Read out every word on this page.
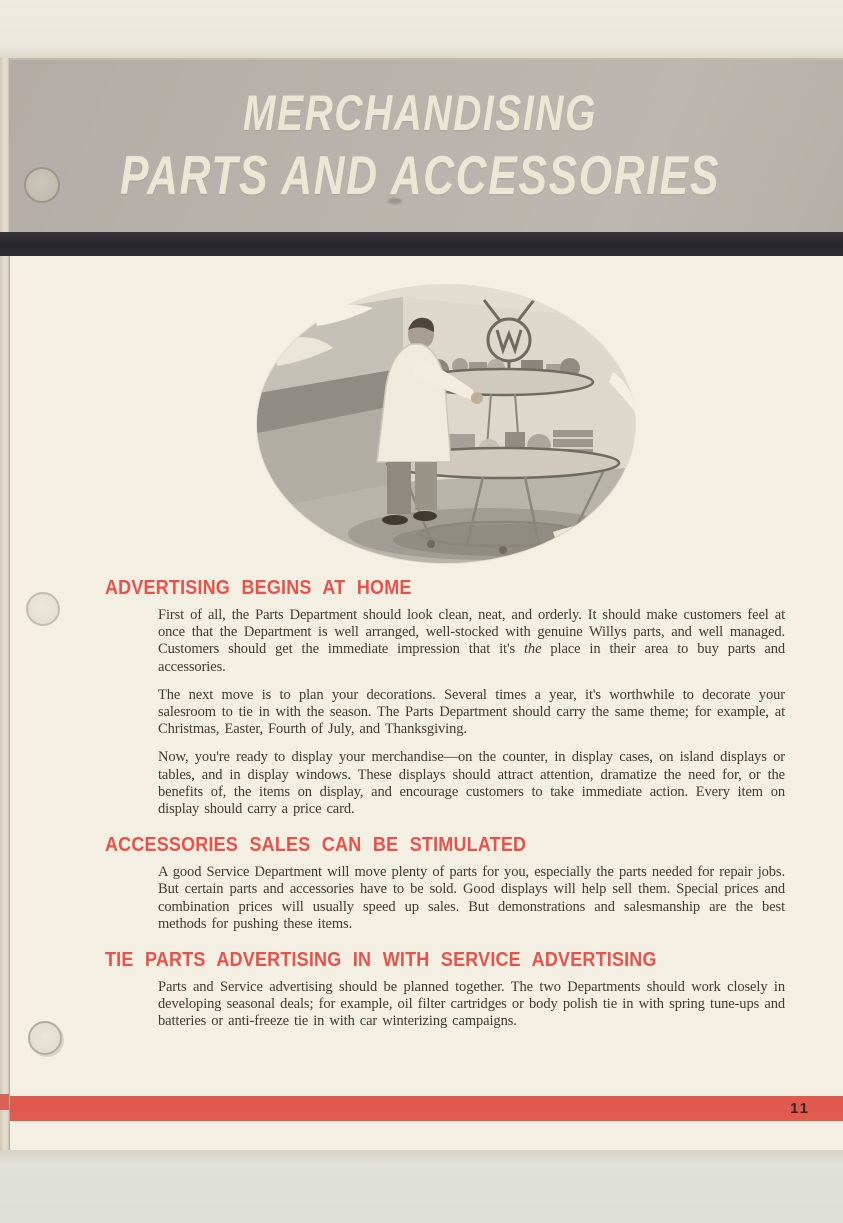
MERCHANDISING
PARTS AND ACCESSORIES
ADVERTISING BEGINS AT HOME

First of all, the Parts Department should look clean, neat, and orderly. It should make customers feel at once that the Department is well arranged, well-stocked with genuine Willys parts, and well managed. Customers should get the immediate impression that it's the place in their area to buy parts and accessories.

The next move is to plan your decorations. Several times a year, it's worthwhile to decorate your salesroom to tie in with the season. The Parts Department should carry the same theme; for example, at Christmas, Easter, Fourth of July, and Thanksgiving.

Now, you're ready to display your merchandise—on the counter, in display cases, on island displays or tables, and in display windows. These displays should attract attention, dramatize the need for, or the benefits of, the items on display, and encourage customers to take immediate action. Every item on display should carry a price card.

ACCESSORIES SALES CAN BE STIMULATED

A good Service Department will move plenty of parts for you, especially the parts needed for repair jobs. But certain parts and accessories have to be sold. Good displays will help sell them. Special prices and combination prices will usually speed up sales. But demonstrations and salesmanship are the best methods for pushing these items.

TIE PARTS ADVERTISING IN WITH SERVICE ADVERTISING

Parts and Service advertising should be planned together. The two Departments should work closely in developing seasonal deals; for example, oil filter cartridges or body polish tie in with spring tune-ups and batteries or anti-freeze tie in with car winterizing campaigns.

11
